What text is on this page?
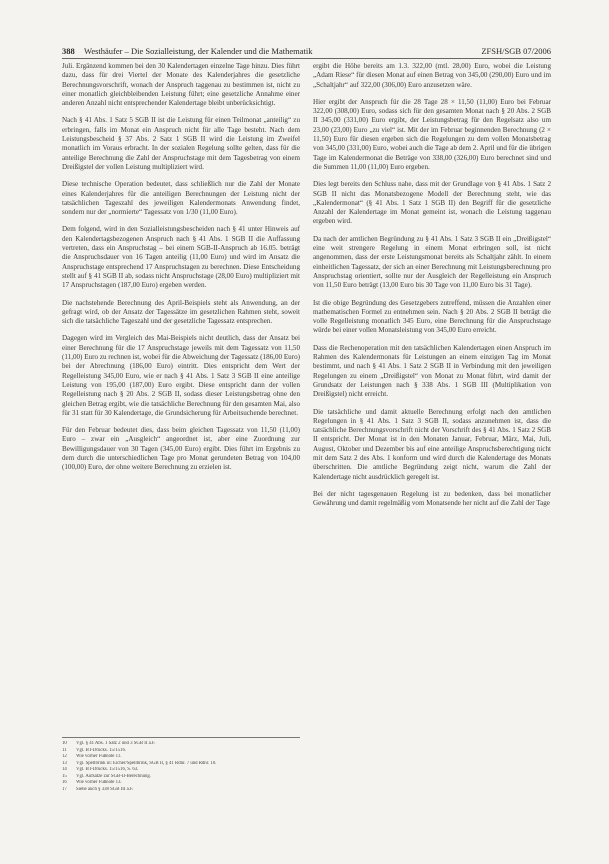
388 Westhäufer – Die Sozialleistung, der Kalender und die Mathematik	ZFSH/SGB 07/2006

Juli. Ergänzend kommen bei den 30 Kalendertagen einzelne Tage hinzu. Dies führt dazu, dass für drei Viertel der Monate des Kalenderjahres die gesetzliche Berechnungsvorschrift, wonach der Anspruch taggenau zu bestimmen ist, nicht zu einer monatlich gleichbleibenden Leistung führt; eine gesetzliche Annahme einer anderen Anzahl nicht entsprechender Kalendertage bleibt unberücksichtigt.

Nach § 41 Abs. 1 Satz 5 SGB II ist die Leistung für einen Teilmonat „anteilig“ zu erbringen, falls im Monat ein Anspruch nicht für alle Tage besteht. Nach dem Leistungsbescheid § 37 Abs. 2 Satz 1 SGB II wird die Leistung im Zweifel monatlich im Voraus erbracht. In der sozialen Regelung sollte gelten, dass für die anteilige Berechnung die Zahl der Anspruchstage mit dem Tagesbetrag von einem Dreißigstel der vollen Leistung multipliziert wird.

Diese technische Operation bedeutet, dass schließlich nur die Zahl der Monate eines Kalenderjahres für die anteiligen Berechnungen der Leistung nicht der tatsächlichen Tageszahl des jeweiligen Kalendermonats Anwendung findet, sondern nur der „normierte“ Tagessatz von 1/30 (11,00 Euro).

Dem folgend, wird in den Sozialleistungsbescheiden nach § 41 unter Hinweis auf den Kalendertagsbezogenen Anspruch nach § 41 Abs. 1 SGB II die Auffassung vertreten, dass ein Anspruchstag – bei einem SGB-II-Anspruch ab 16.05. beträgt die Anspruchsdauer von 16 Tagen anteilig (11,00 Euro) und wird im Ansatz die Anspruchstage entsprechend 17 Anspruchstagen zu berechnen. Diese Entscheidung stellt auf § 41 SGB II ab, sodass nicht Anspruchstage (28,00 Euro) multipliziert mit 17 Anspruchstagen (187,00 Euro) ergeben werden.

Die nachstehende Berechnung des April-Beispiels steht als Anwendung, an der gefragt wird, ob der Ansatz der Tagessätze im gesetzlichen Rahmen steht, soweit sich die tatsächliche Tageszahl und der gesetzliche Tagessatz entsprechen.

Dagegen wird im Vergleich des Mai-Beispiels nicht deutlich, dass der Ansatz bei einer Berechnung für die 17 Anspruchstage jeweils mit dem Tagessatz von 11,50 (11,00) Euro zu rechnen ist, wobei für die Abweichung der Tagessatz (186,00 Euro) bei der Abrechnung (186,00 Euro) eintritt. Dies entspricht dem Wert der Regelleistung 345,00 Euro, wie er nach § 41 Abs. 1 Satz 3 SGB II eine anteilige Leistung von 195,00 (187,00) Euro ergibt. Diese entspricht dann der vollen Regelleistung nach § 20 Abs. 2 SGB II, sodass dieser Leistungsbetrag ohne den gleichen Betrag ergibt, wie die tatsächliche Berechnung für den gesamten Mai, also für 31 statt für 30 Kalendertage, die Grundsicherung für Arbeitsuchende berechnet.

Für den Februar bedeutet dies, dass beim gleichen Tagessatz von 11,50 (11,00) Euro – zwar ein „Ausgleich“ angeordnet ist, aber eine Zuordnung zur Bewilligungsdauer von 30 Tagen (345,00 Euro) ergibt. Dies führt im Ergebnis zu dem durch die unterschiedlichen Tage pro Monat gerundeten Betrag von 104,00 (100,00) Euro, der ohne weitere Berechnung zu erzielen ist.

ergibt die Höhe bereits am 1.3. 322,00 (mtl. 28,00) Euro, wobei die Leistung „Adam Riese“ für diesen Monat auf einen Betrag von 345,00 (290,00) Euro und im „Schaltjahr“ auf 322,00 (306,00) Euro anzusetzen wäre.

Hier ergibt der Anspruch für die 28 Tage 28 × 11,50 (11,00) Euro bei Februar 322,00 (308,00) Euro, sodass sich für den gesamten Monat nach § 20 Abs. 2 SGB II 345,00 (331,00) Euro ergibt, der Leistungsbetrag für den Regelsatz also um 23,00 (23,00) Euro „zu viel“ ist. Mit der im Februar beginnenden Berechnung (2 × 11,50) Euro für diesen ergeben sich die Regelungen zu dem vollen Monatsbetrag von 345,00 (331,00) Euro, wobei auch die Tage ab dem 2. April und für die übrigen Tage im Kalendermonat die Beträge von 338,00 (326,00) Euro berechnet sind und die Summen 11,00 (11,00) Euro ergeben.

Dies legt bereits den Schluss nahe, dass mit der Grundlage von § 41 Abs. 1 Satz 2 SGB II nicht das Monatsbezogene Modell der Berechnung steht, wie das „Kalendermonat“ (§ 41 Abs. 1 Satz 1 SGB II) den Begriff für die gesetzliche Anzahl der Kalendertage im Monat gemeint ist, wonach die Leistung taggenau ergeben wird.

Da nach der amtlichen Begründung zu § 41 Abs. 1 Satz 3 SGB II ein „Dreißigstel“ eine weit strengere Regelung in einem Monat erbringen soll, ist nicht angenommen, dass der erste Leistungsmonat bereits als Schaltjahr zählt. In einem einheitlichen Tagessatz, der sich an einer Berechnung mit Leistungsberechnung pro Anspruchstag orientiert, sollte nur der Ausgleich der Regelleistung ein Anspruch von 11,50 Euro beträgt (13,00 Euro bis 30 Tage von 11,00 Euro bis 31 Tage).

Ist die obige Begründung des Gesetzgebers zutreffend, müssen die Anzahlen einer mathematischen Formel zu entnehmen sein. Nach § 20 Abs. 2 SGB II beträgt die volle Regelleistung monatlich 345 Euro, eine Berechnung für die Anspruchstage würde bei einer vollen Monatsleistung von 345,00 Euro erreicht.

Dass die Rechenoperation mit den tatsächlichen Kalendertagen einen Anspruch im Rahmen des Kalendermonats für Leistungen an einem einzigen Tag im Monat bestimmt, und nach § 41 Abs. 1 Satz 2 SGB II in Verbindung mit den jeweiligen Regelungen zu einem „Dreißigstel“ von Monat zu Monat führt, wird damit der Grundsatz der Leistungen nach § 338 Abs. 1 SGB III (Multiplikation von Dreißigstel) nicht erreicht.

Die tatsächliche und damit aktuelle Berechnung erfolgt nach den amtlichen Regelungen in § 41 Abs. 1 Satz 3 SGB II, sodass anzunehmen ist, dass die tatsächliche Berechnungsvorschrift nicht der Vorschrift des § 41 Abs. 1 Satz 2 SGB II entspricht. Der Monat ist in den Monaten Januar, Februar, März, Mai, Juli, August, Oktober und Dezember bis auf eine anteilige Anspruchsberechtigung nicht mit dem Satz 2 des Abs. 1 konform und wird durch die Kalendertage des Monats überschritten. Die amtliche Begründung zeigt nicht, warum die Zahl der Kalendertage nicht ausdrücklich geregelt ist.

Bei der nicht tagesgenauen Regelung ist zu bedenken, dass bei monatlicher Gewährung und damit regelmäßig vom Monatsende her nicht auf die Zahl der Tage

10 Vgl. § 41 Abs. 1 Satz 2 und 3 SGB II a.F.
11 Vgl. BT-Drucks. 15/1516.
12 Wie vorher Fußnote 11.
13 Vgl. Spellbrink in: Eicher/Spellbrink, SGB II, § 41 Rdnr. 7 und Rdnr. 10.
14 Vgl. BT-Drucks. 15/1516, S. 63.
15 Vgl. Aufsätze zur SGB-II-Berechnung.
16 Wie vorher Fußnote 13.
17 Siehe auch § 338 SGB III a.F.
